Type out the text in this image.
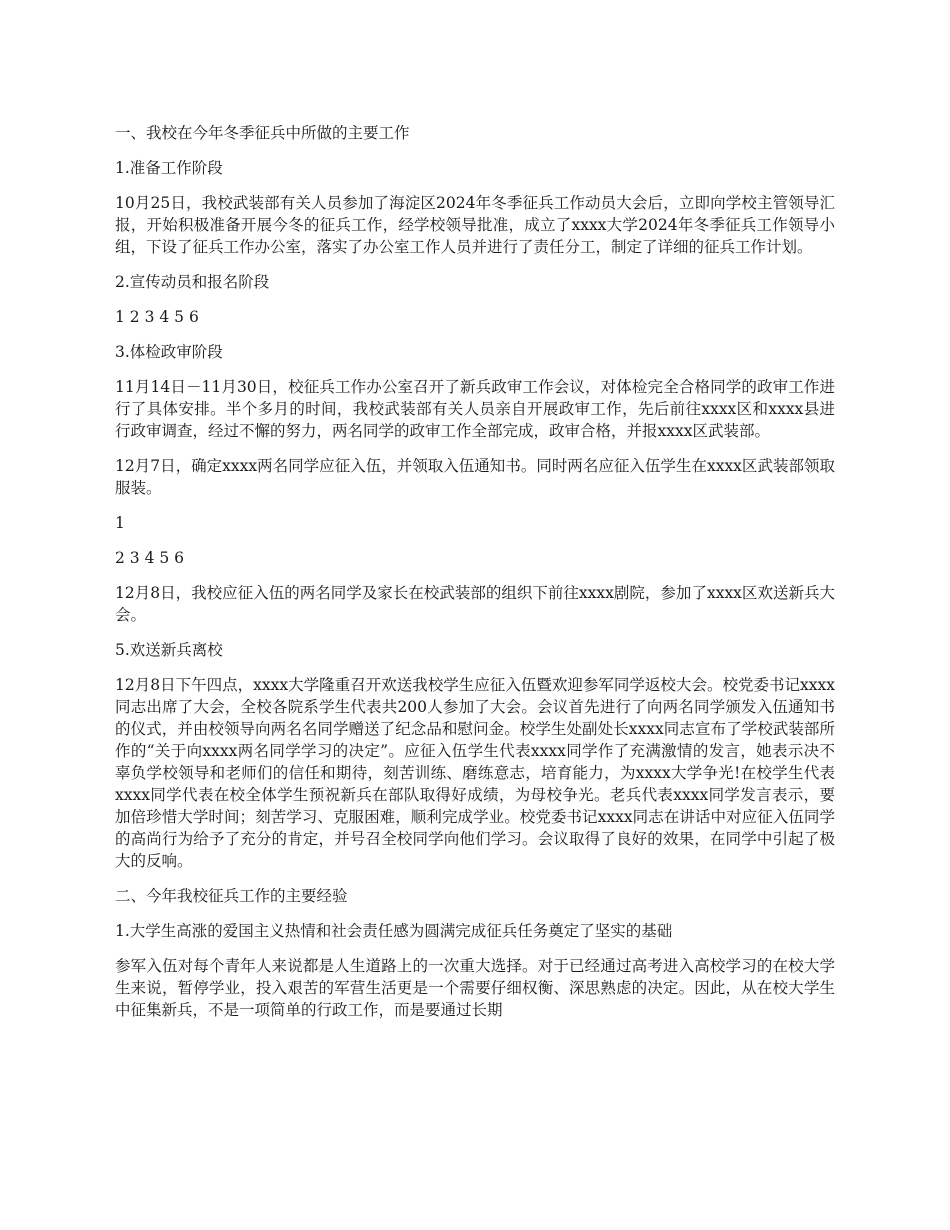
一、我校在今年冬季征兵中所做的主要工作

1.准备工作阶段

10月25日，我校武装部有关人员参加了海淀区2024年冬季征兵工作动员大会后，立即向学校主管领导汇报，开始积极准备开展今冬的征兵工作，经学校领导批准，成立了xxxx大学2024年冬季征兵工作领导小组，下设了征兵工作办公室，落实了办公室工作人员并进行了责任分工，制定了详细的征兵工作计划。

2.宣传动员和报名阶段

1 2 3 4 5 6

3.体检政审阶段

11月14日－11月30日，校征兵工作办公室召开了新兵政审工作会议，对体检完全合格同学的政审工作进行了具体安排。半个多月的时间，我校武装部有关人员亲自开展政审工作，先后前往xxxx区和xxxx县进行政审调查，经过不懈的努力，两名同学的政审工作全部完成，政审合格，并报xxxx区武装部。

12月7日，确定xxxx两名同学应征入伍，并领取入伍通知书。同时两名应征入伍学生在xxxx区武装部领取服装。

1

2 3 4 5 6

12月8日，我校应征入伍的两名同学及家长在校武装部的组织下前往xxxx剧院，参加了xxxx区欢送新兵大会。

5.欢送新兵离校

12月8日下午四点，xxxx大学隆重召开欢送我校学生应征入伍暨欢迎参军同学返校大会。校党委书记xxxx同志出席了大会，全校各院系学生代表共200人参加了大会。会议首先进行了向两名同学颁发入伍通知书的仪式，并由校领导向两名名同学赠送了纪念品和慰问金。校学生处副处长xxxx同志宣布了学校武装部所作的“关于向xxxx两名同学学习的决定”。应征入伍学生代表xxxx同学作了充满激情的发言，她表示决不辜负学校领导和老师们的信任和期待，刻苦训练、磨练意志，培育能力，为xxxx大学争光!在校学生代表xxxx同学代表在校全体学生预祝新兵在部队取得好成绩，为母校争光。老兵代表xxxx同学发言表示，要加倍珍惜大学时间；刻苦学习、克服困难，顺利完成学业。校党委书记xxxx同志在讲话中对应征入伍同学的高尚行为给予了充分的肯定，并号召全校同学向他们学习。会议取得了良好的效果，在同学中引起了极大的反响。

二、今年我校征兵工作的主要经验

1.大学生高涨的爱国主义热情和社会责任感为圆满完成征兵任务奠定了坚实的基础

参军入伍对每个青年人来说都是人生道路上的一次重大选择。对于已经通过高考进入高校学习的在校大学生来说，暂停学业，投入艰苦的军营生活更是一个需要仔细权衡、深思熟虑的决定。因此，从在校大学生中征集新兵，不是一项简单的行政工作，而是要通过长期
